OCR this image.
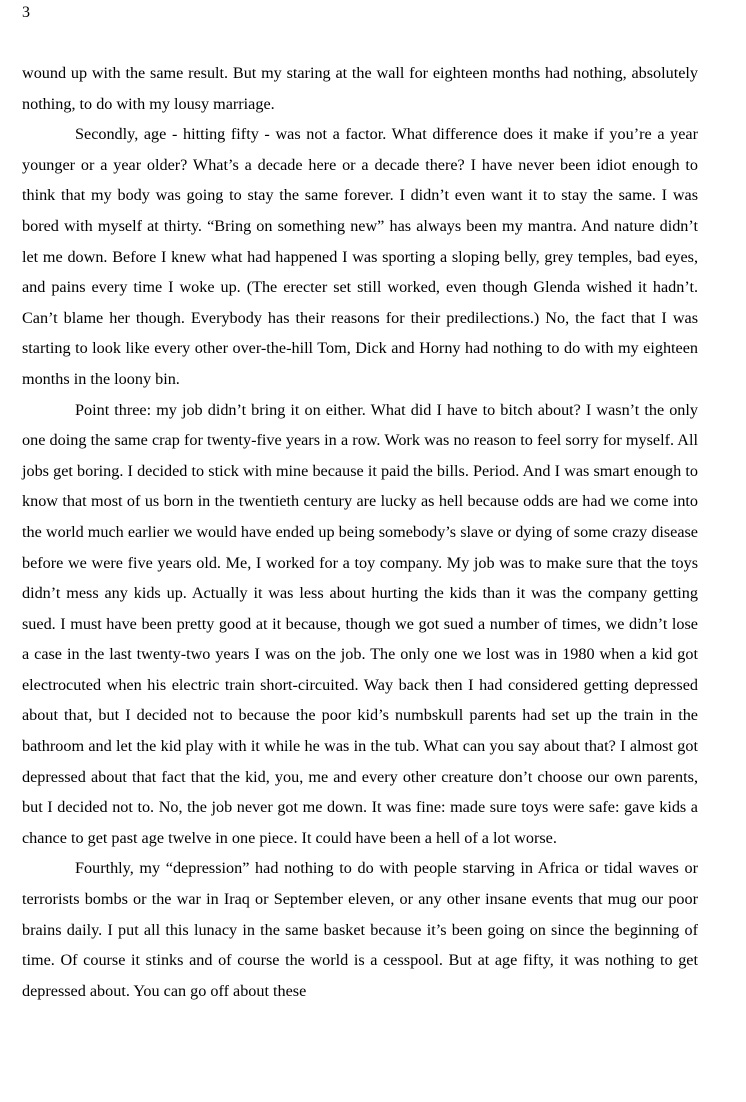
3

wound up with the same result. But my staring at the wall for eighteen months had nothing, absolutely nothing, to do with my lousy marriage.

Secondly, age - hitting fifty - was not a factor. What difference does it make if you’re a year younger or a year older? What’s a decade here or a decade there? I have never been idiot enough to think that my body was going to stay the same forever. I didn’t even want it to stay the same. I was bored with myself at thirty. “Bring on something new” has always been my mantra. And nature didn’t let me down. Before I knew what had happened I was sporting a sloping belly, grey temples, bad eyes, and pains every time I woke up. (The erecter set still worked, even though Glenda wished it hadn’t. Can’t blame her though. Everybody has their reasons for their predilections.) No, the fact that I was starting to look like every other over-the-hill Tom, Dick and Horny had nothing to do with my eighteen months in the loony bin.

Point three: my job didn’t bring it on either. What did I have to bitch about? I wasn’t the only one doing the same crap for twenty-five years in a row. Work was no reason to feel sorry for myself. All jobs get boring. I decided to stick with mine because it paid the bills. Period. And I was smart enough to know that most of us born in the twentieth century are lucky as hell because odds are had we come into the world much earlier we would have ended up being somebody’s slave or dying of some crazy disease before we were five years old. Me, I worked for a toy company. My job was to make sure that the toys didn’t mess any kids up. Actually it was less about hurting the kids than it was the company getting sued. I must have been pretty good at it because, though we got sued a number of times, we didn’t lose a case in the last twenty-two years I was on the job. The only one we lost was in 1980 when a kid got electrocuted when his electric train short-circuited. Way back then I had considered getting depressed about that, but I decided not to because the poor kid’s numbskull parents had set up the train in the bathroom and let the kid play with it while he was in the tub. What can you say about that? I almost got depressed about that fact that the kid, you, me and every other creature don’t choose our own parents, but I decided not to. No, the job never got me down. It was fine: made sure toys were safe: gave kids a chance to get past age twelve in one piece. It could have been a hell of a lot worse.

Fourthly, my “depression” had nothing to do with people starving in Africa or tidal waves or terrorists bombs or the war in Iraq or September eleven, or any other insane events that mug our poor brains daily. I put all this lunacy in the same basket because it’s been going on since the beginning of time. Of course it stinks and of course the world is a cesspool. But at age fifty, it was nothing to get depressed about. You can go off about these
